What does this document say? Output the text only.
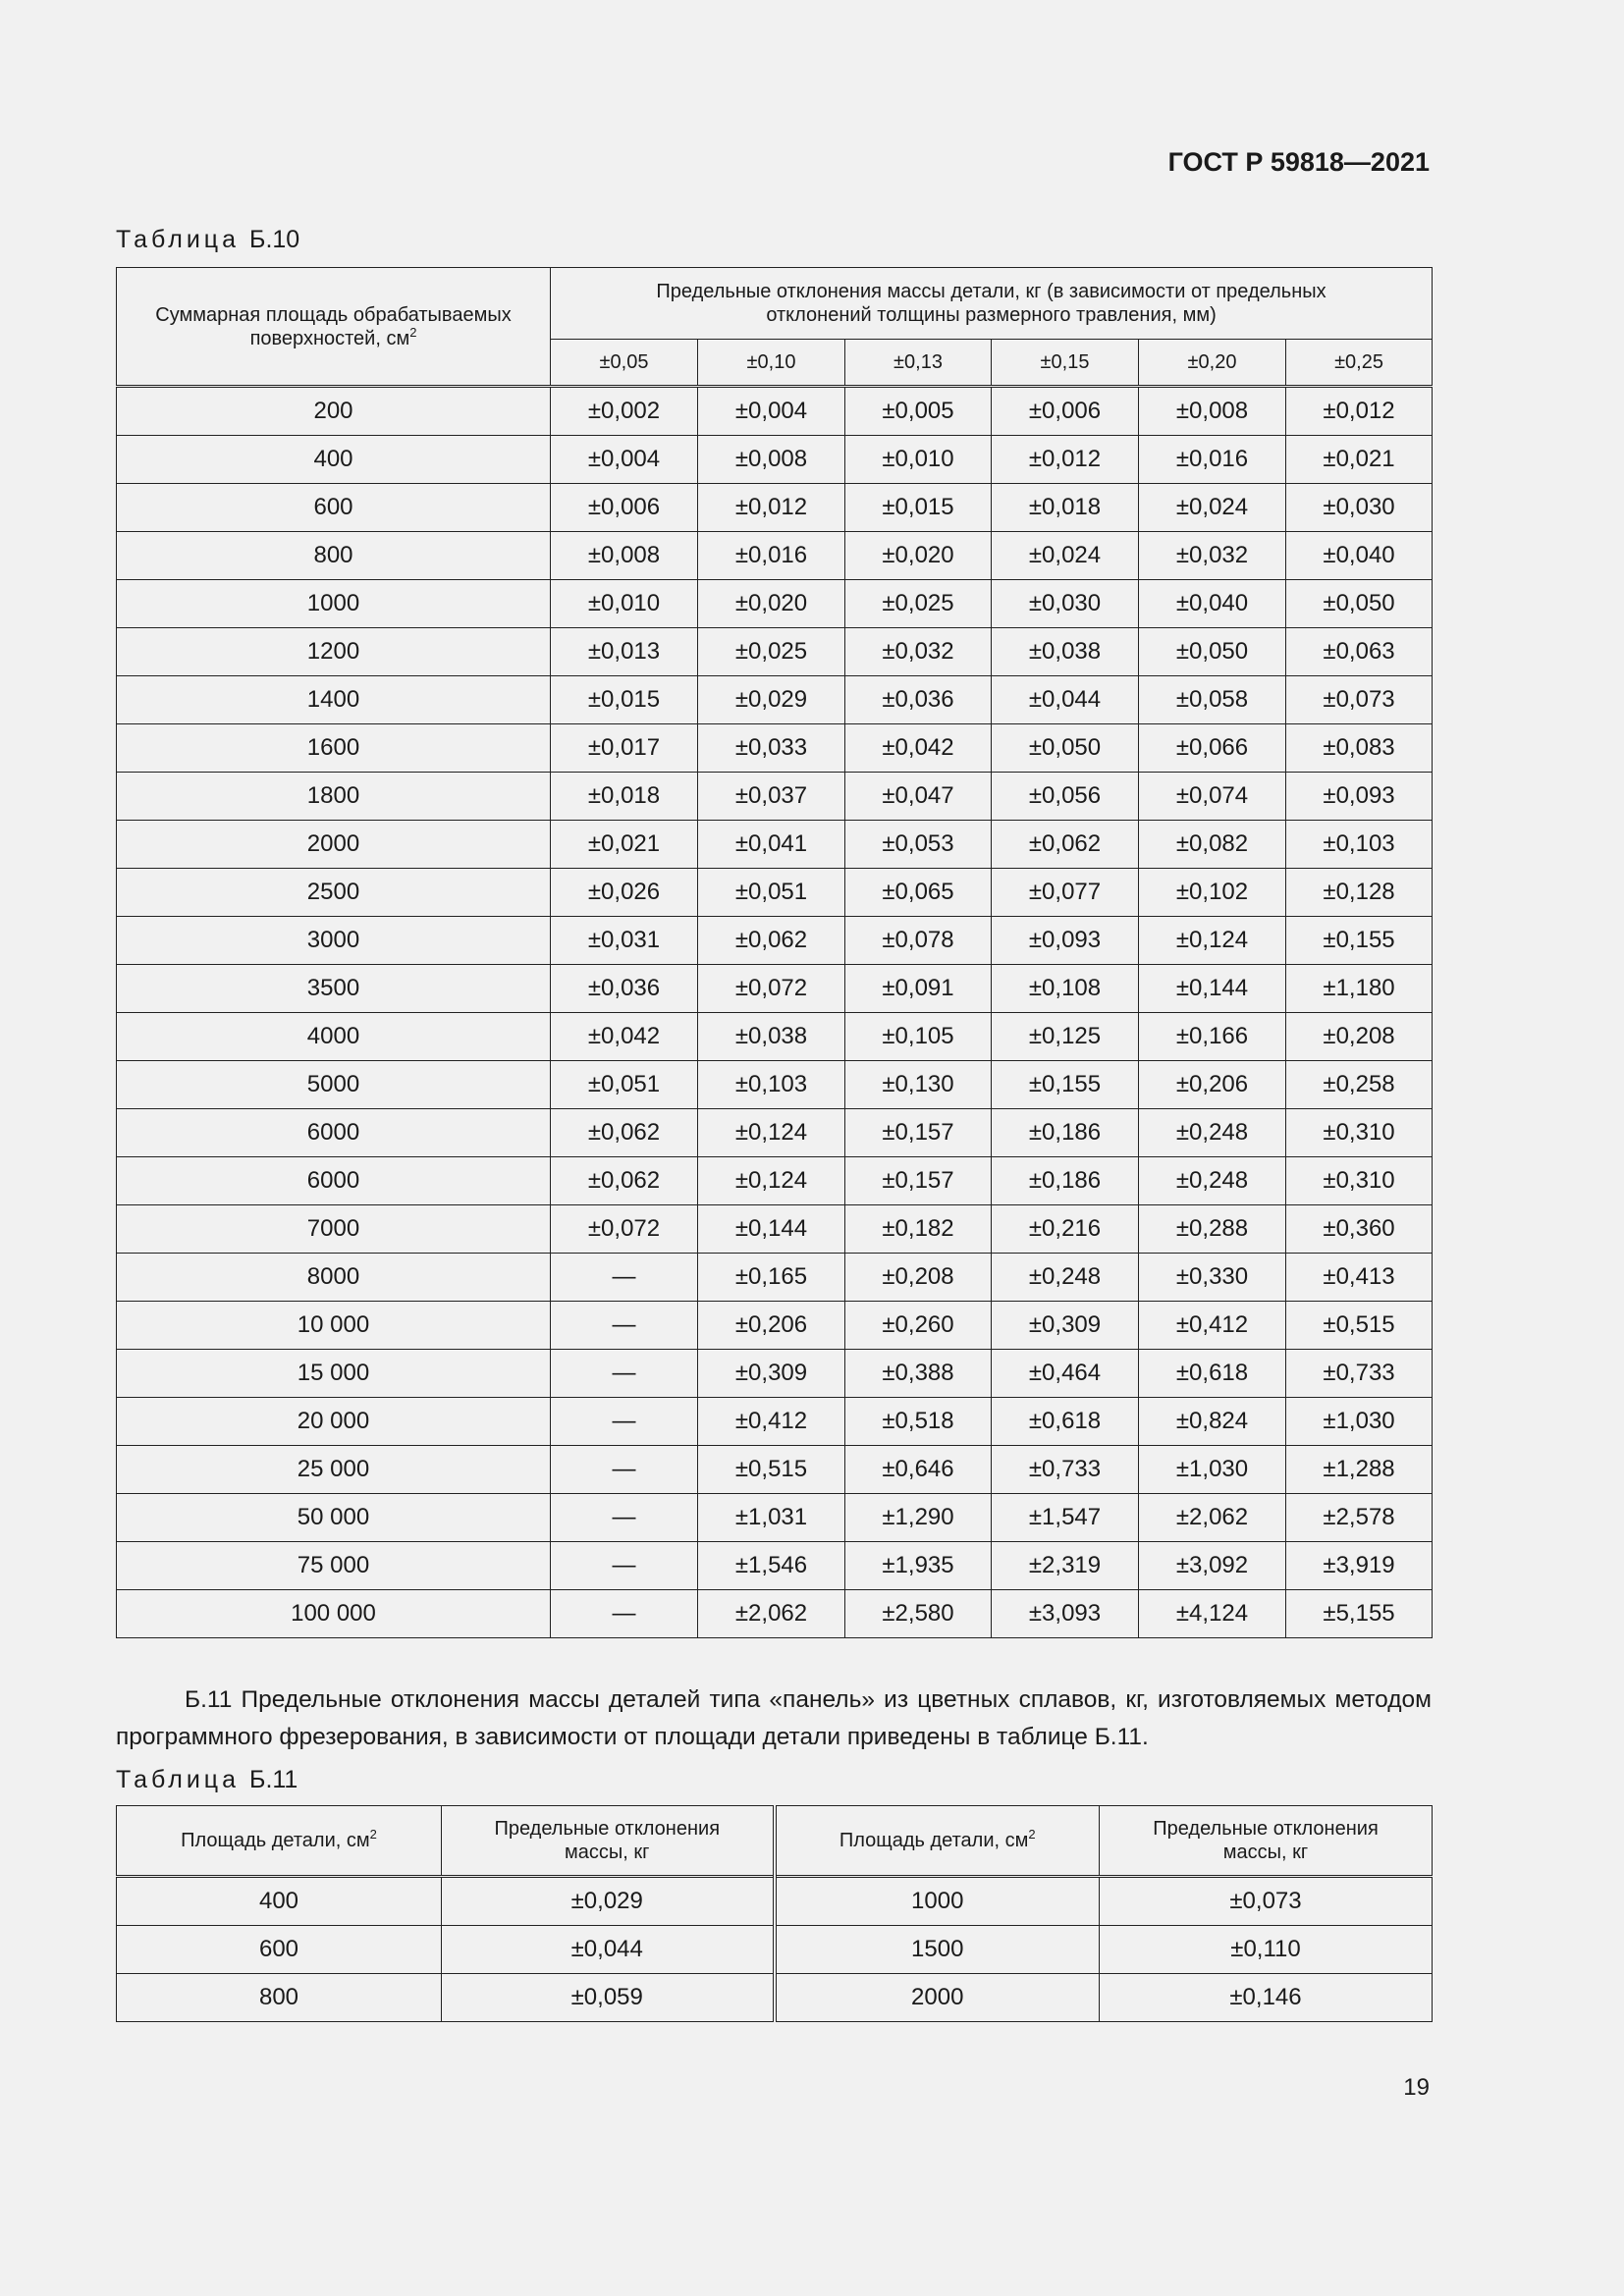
ГОСТ Р 59818—2021
Таблица Б.10
Суммарная площадь обрабатываемых поверхностей, $см^2$	Предельные отклонения массы детали, кг (в зависимости от предельных отклонений толщины размерного травления, мм)					
	±0,05	±0,10	±0,13	±0,15	±0,20	±0,25
200	±0,002	±0,004	±0,005	±0,006	±0,008	±0,012
400	±0,004	±0,008	±0,010	±0,012	±0,016	±0,021
600	±0,006	±0,012	±0,015	±0,018	±0,024	±0,030
800	±0,008	±0,016	±0,020	±0,024	±0,032	±0,040
1000	±0,010	±0,020	±0,025	±0,030	±0,040	±0,050
1200	±0,013	±0,025	±0,032	±0,038	±0,050	±0,063
1400	±0,015	±0,029	±0,036	±0,044	±0,058	±0,073
1600	±0,017	±0,033	±0,042	±0,050	±0,066	±0,083
1800	±0,018	±0,037	±0,047	±0,056	±0,074	±0,093
2000	±0,021	±0,041	±0,053	±0,062	±0,082	±0,103
2500	±0,026	±0,051	±0,065	±0,077	±0,102	±0,128
3000	±0,031	±0,062	±0,078	±0,093	±0,124	±0,155
3500	±0,036	±0,072	±0,091	±0,108	±0,144	±1,180
4000	±0,042	±0,038	±0,105	±0,125	±0,166	±0,208
5000	±0,051	±0,103	±0,130	±0,155	±0,206	±0,258
6000	±0,062	±0,124	±0,157	±0,186	±0,248	±0,310
6000	±0,062	±0,124	±0,157	±0,186	±0,248	±0,310
7000	±0,072	±0,144	±0,182	±0,216	±0,288	±0,360
8000	—	±0,165	±0,208	±0,248	±0,330	±0,413
10 000	—	±0,206	±0,260	±0,309	±0,412	±0,515
15 000	—	±0,309	±0,388	±0,464	±0,618	±0,733
20 000	—	±0,412	±0,518	±0,618	±0,824	±1,030
25 000	—	±0,515	±0,646	±0,733	±1,030	±1,288
50 000	—	±1,031	±1,290	±1,547	±2,062	±2,578
75 000	—	±1,546	±1,935	±2,319	±3,092	±3,919
100 000	—	±2,062	±2,580	±3,093	±4,124	±5,155
Б.11 Предельные отклонения массы деталей типа «панель» из цветных сплавов, кг, изготовляемых методом программного фрезерования, в зависимости от площади детали приведены в таблице Б.11.
Таблица Б.11
Площадь детали, $см^2$	Предельные отклонения массы, кг	Площадь детали, $см^2$	Предельные отклонения массы, кг
400	±0,029	1000	±0,073
600	±0,044	1500	±0,110
800	±0,059	2000	±0,146
19
